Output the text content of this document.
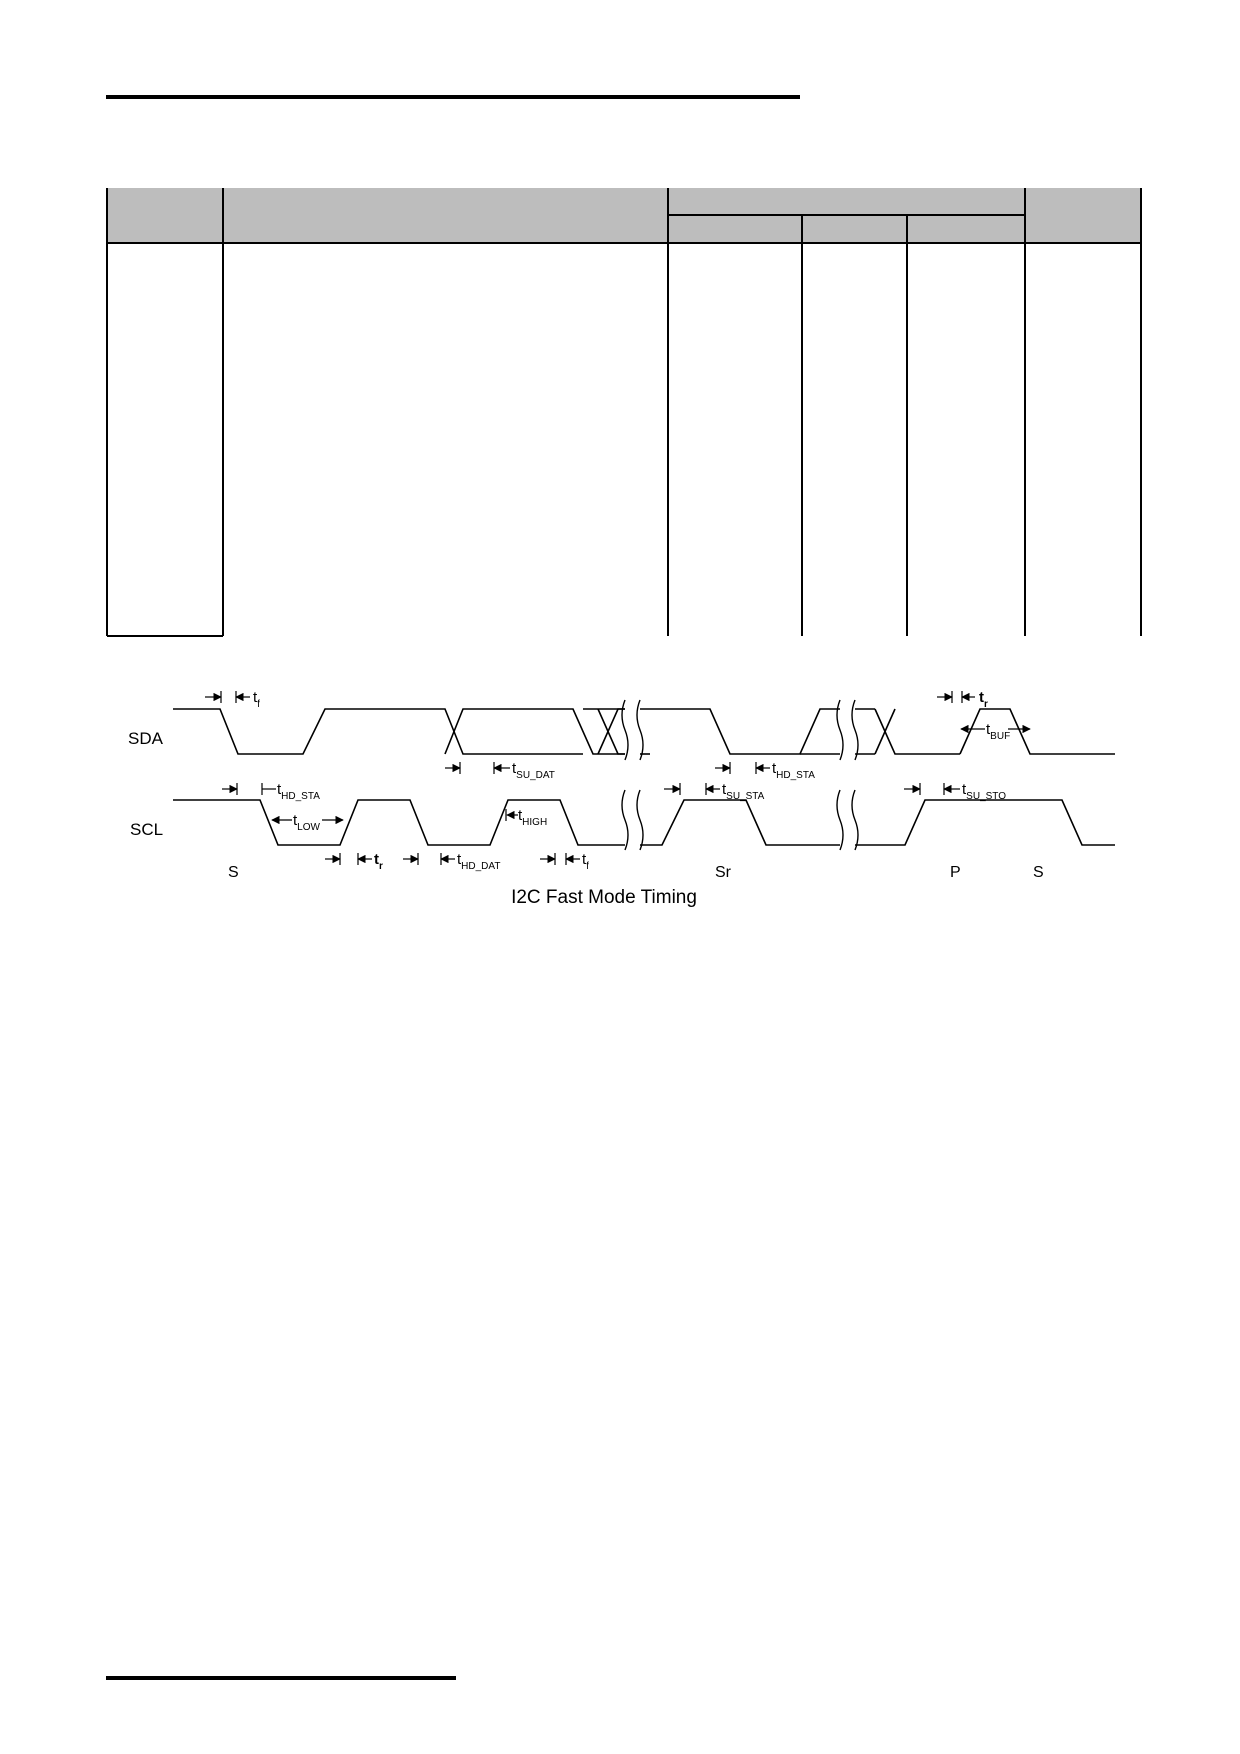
SDA
SCL
$t_f$
$t_{SU\_DAT}$	$t_{HD\_STA}$
$t_r$
$t_{BUF}$
$t_{HD\_STA}$
$t_{LOW}$
$t_{HIGH}$
$t_{SU\_STA}$	$t_{SU\_STO}$
$t_r$	$t_{HD\_DAT}$	$t_f$
S	Sr	P	S
I2C Fast Mode Timing
